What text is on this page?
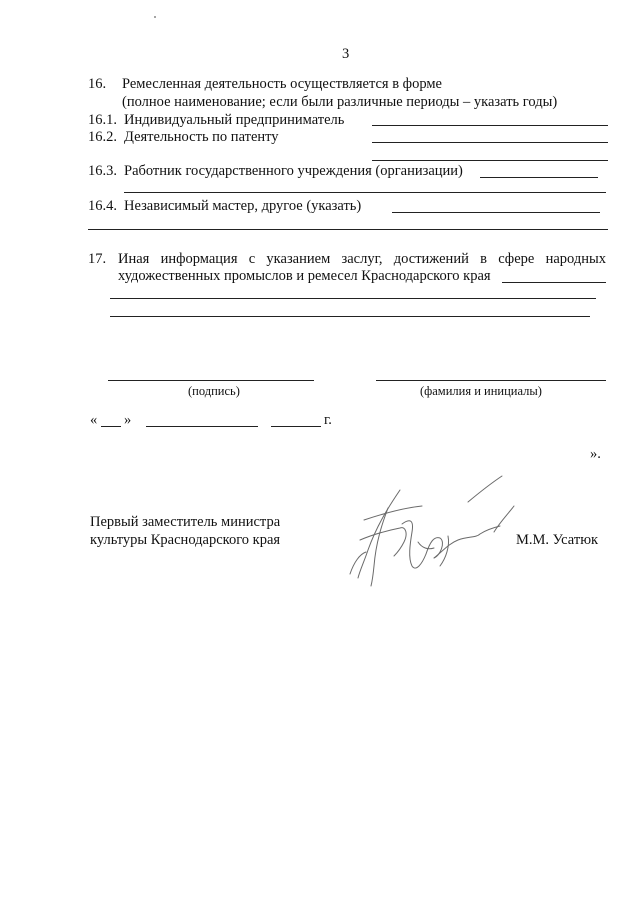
3
16. Ремесленная деятельность осуществляется в форме
(полное наименование; если были различные периоды – указать годы)
16.1. Индивидуальный предприниматель
16.2. Деятельность по патенту
16.3. Работник государственного учреждения (организации)
16.4. Независимый мастер, другое (указать)
17. Иная информация с указанием заслуг, достижений в сфере народных
художественных промыслов и ремесел Краснодарского края
(подпись)	(фамилия и инициалы)
« »	г.
».
Первый заместитель министра
культуры Краснодарского края	М.М. Усатюк
